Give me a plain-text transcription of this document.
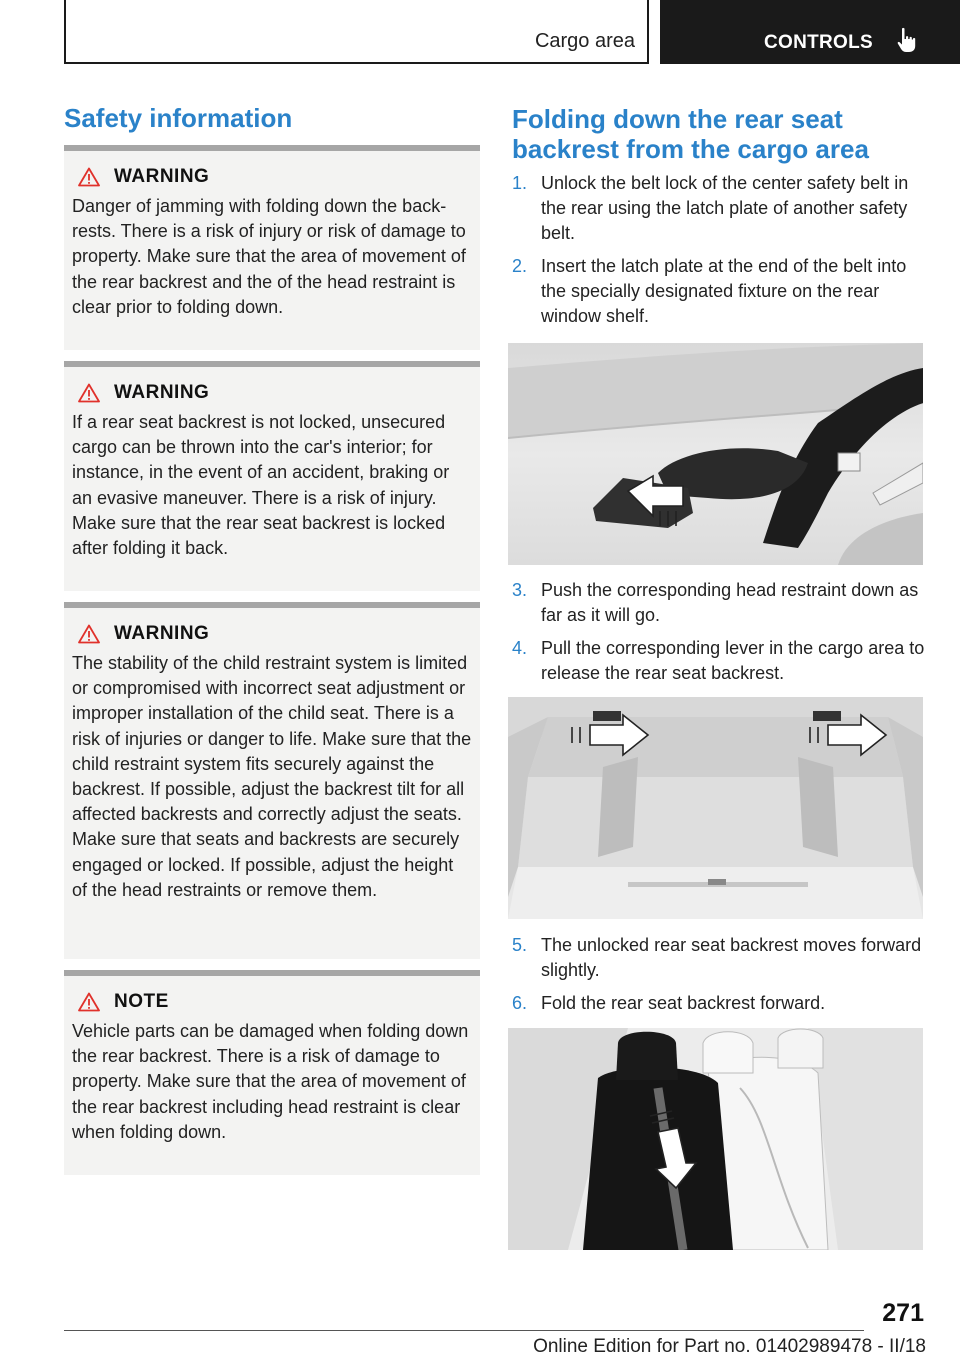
Cargo area	CONTROLS
Safety information
WARNING
Danger of jamming with folding down the backrests. There is a risk of injury or risk of damage to property. Make sure that the area of movement of the rear backrest and the of the head restraint is clear prior to folding down.
WARNING
If a rear seat backrest is not locked, unsecured cargo can be thrown into the car's interior; for instance, in the event of an accident, braking or an evasive maneuver. There is a risk of injury. Make sure that the rear seat backrest is locked after folding it back.
WARNING
The stability of the child restraint system is limited or compromised with incorrect seat adjustment or improper installation of the child seat. There is a risk of injuries or danger to life. Make sure that the child restraint system fits securely against the backrest. If possible, adjust the backrest tilt for all affected backrests and correctly adjust the seats. Make sure that seats and backrests are securely engaged or locked. If possible, adjust the height of the head restraints or remove them.
NOTE
Vehicle parts can be damaged when folding down the rear backrest. There is a risk of damage to property. Make sure that the area of movement of the rear backrest including head restraint is clear when folding down.
Folding down the rear seat backrest from the cargo area
1. Unlock the belt lock of the center safety belt in the rear using the latch plate of another safety belt.
2. Insert the latch plate at the end of the belt into the specially designated fixture on the rear window shelf.
3. Push the corresponding head restraint down as far as it will go.
4. Pull the corresponding lever in the cargo area to release the rear seat backrest.
5. The unlocked rear seat backrest moves forward slightly.
6. Fold the rear seat backrest forward.
271
Online Edition for Part no. 01402989478 - II/18
